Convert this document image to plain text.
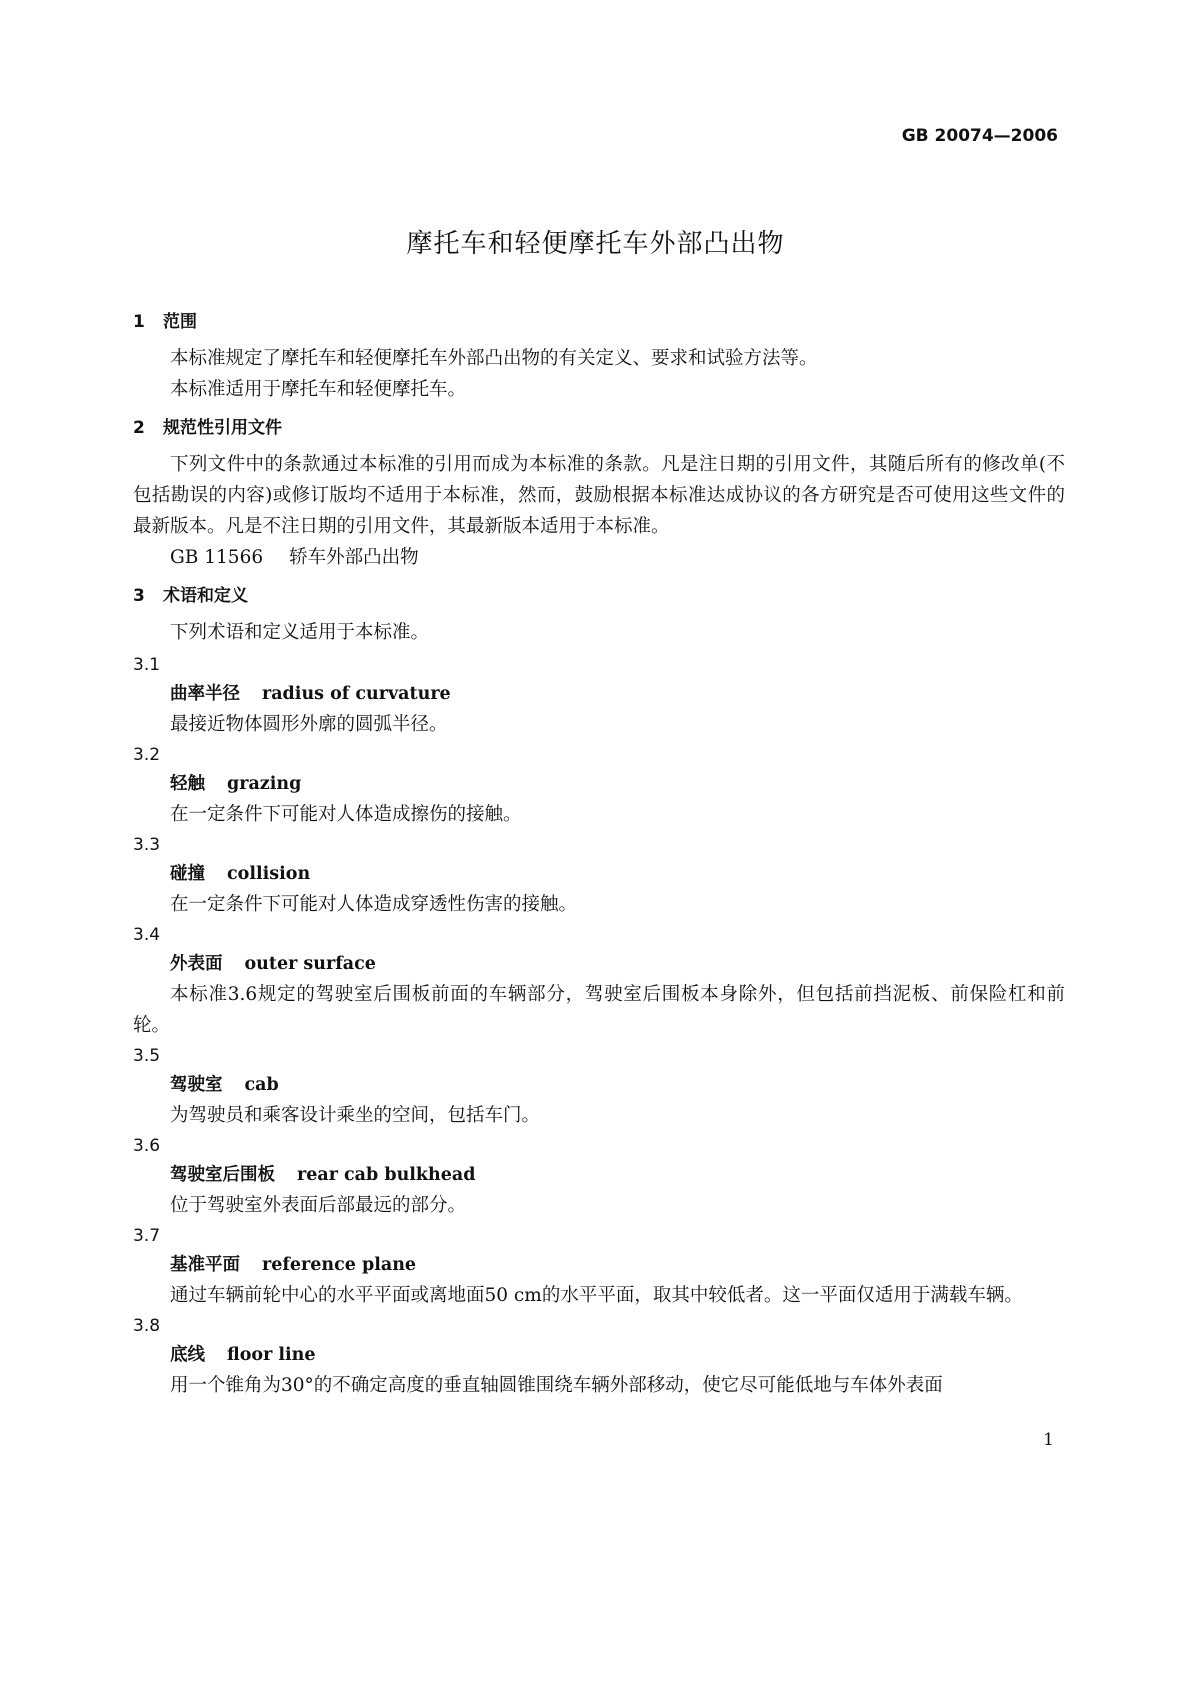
GB 20074—2006

摩托车和轻便摩托车外部凸出物
1 范围

本标准规定了摩托车和轻便摩托车外部凸出物的有关定义、要求和试验方法等。

本标准适用于摩托车和轻便摩托车。

2 规范性引用文件

下列文件中的条款通过本标准的引用而成为本标准的条款。凡是注日期的引用文件，其随后所有的修改单(不包括勘误的内容)或修订版均不适用于本标准，然而，鼓励根据本标准达成协议的各方研究是否可使用这些文件的最新版本。凡是不注日期的引用文件，其最新版本适用于本标准。

GB 11566 轿车外部凸出物

3 术语和定义

下列术语和定义适用于本标准。

3.1

曲率半径 radius of curvature

最接近物体圆形外廓的圆弧半径。

3.2

轻触 grazing

在一定条件下可能对人体造成擦伤的接触。

3.3

碰撞 collision

在一定条件下可能对人体造成穿透性伤害的接触。

3.4

外表面 outer surface

本标准3.6规定的驾驶室后围板前面的车辆部分，驾驶室后围板本身除外，但包括前挡泥板、前保险杠和前轮。

3.5

驾驶室 cab

为驾驶员和乘客设计乘坐的空间，包括车门。

3.6

驾驶室后围板 rear cab bulkhead

位于驾驶室外表面后部最远的部分。

3.7

基准平面 reference plane

通过车辆前轮中心的水平平面或离地面50 cm的水平平面，取其中较低者。这一平面仅适用于满载车辆。

3.8

底线 floor line

用一个锥角为30°的不确定高度的垂直轴圆锥围绕车辆外部移动，使它尽可能低地与车体外表面

1
